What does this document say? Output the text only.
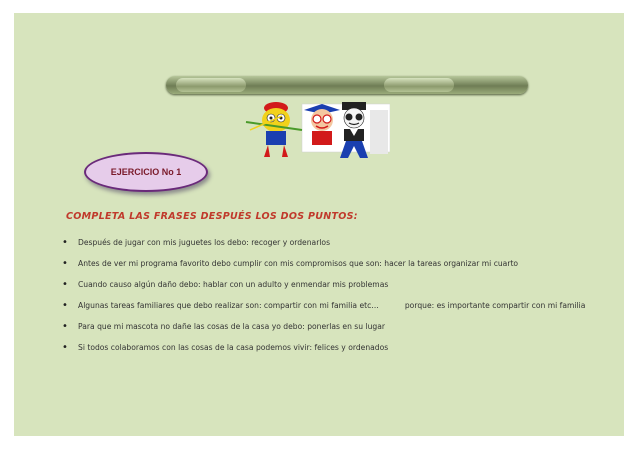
EJERCICIO No 1
COMPLETA LAS FRASES DESPUÉS LOS DOS PUNTOS:
• Después de jugar con mis juguetes los debo: recoger y ordenarlos
• Antes de ver mi programa favorito debo cumplir con mis compromisos que son: hacer la tareas organizar mi cuarto
• Cuando causo algún daño debo: hablar con un adulto y enmendar mis problemas
• Algunas tareas familiares que debo realizar son: compartir con mi familia etc…	porque: es importante compartir con mi familia
• Para que mi mascota no dañe las cosas de la casa yo debo: ponerlas en su lugar
• Si todos colaboramos con las cosas de la casa podemos vivir: felices y ordenados
